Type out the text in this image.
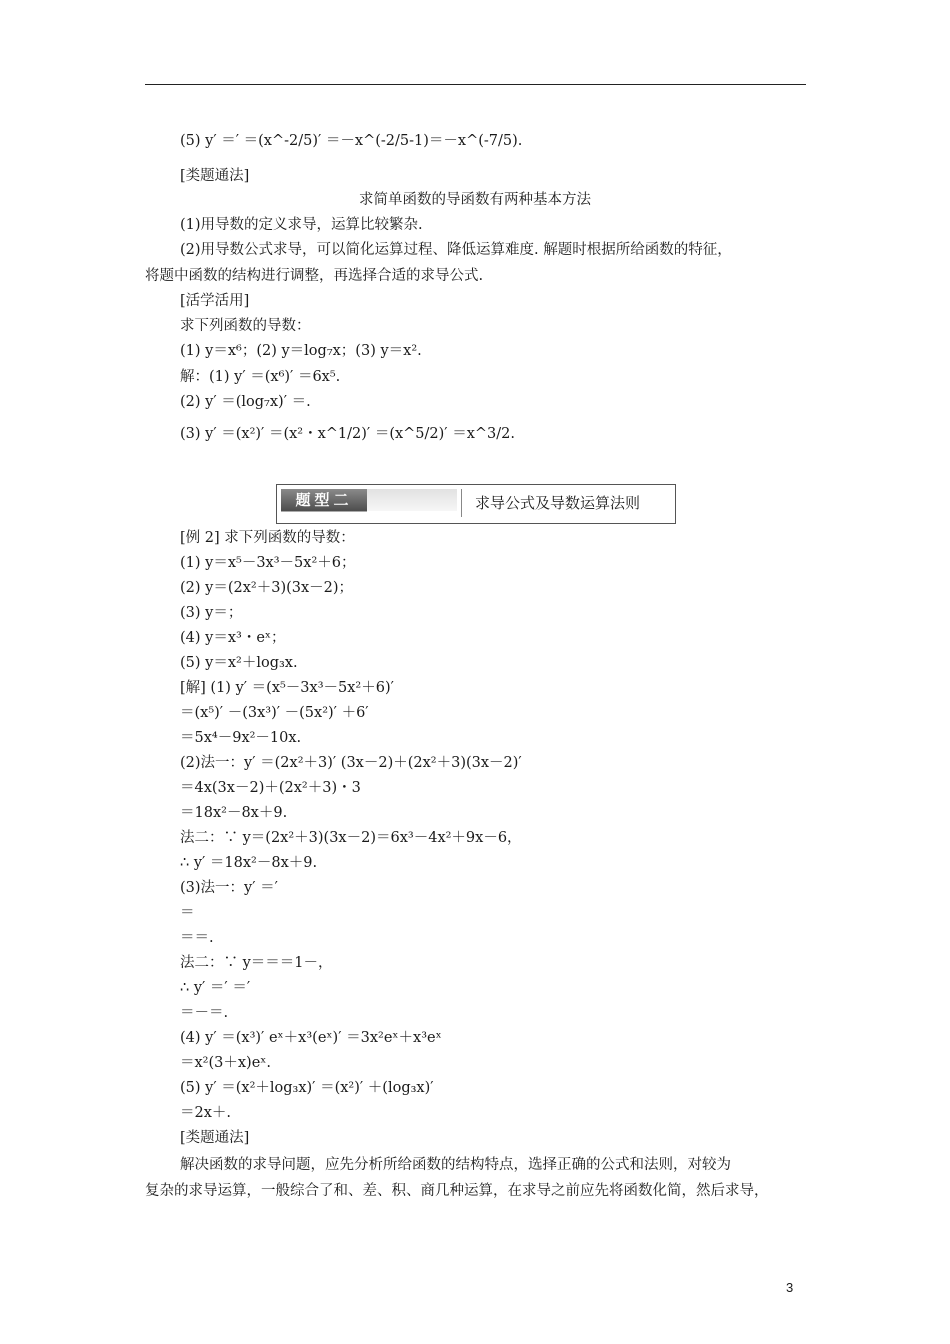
(5) y′ ＝′ ＝(x^-2/5)′ ＝－x^(-2/5-1)＝－x^(-7/5).
[类题通法]
求简单函数的导函数有两种基本方法
(1)用导数的定义求导，运算比较繁杂.
(2)用导数公式求导，可以简化运算过程、降低运算难度. 解题时根据所给函数的特征，
将题中函数的结构进行调整，再选择合适的求导公式.
[活学活用]
求下列函数的导数：
(1) y＝x⁶；(2) y＝log₇x；(3) y＝x².
解：(1) y′ ＝(x⁶)′ ＝6x⁵.
(2) y′ ＝(log₇x)′ ＝.
(3) y′ ＝(x²)′ ＝(x²・x^1/2)′ ＝(x^5/2)′ ＝x^3/2.
题型二	求导公式及导数运算法则
[例 2] 求下列函数的导数：
(1) y＝x⁵－3x³－5x²＋6；
(2) y＝(2x²＋3)(3x－2)；
(3) y＝；
(4) y＝x³・eˣ；
(5) y＝x²＋log₃x.
[解] (1) y′ ＝(x⁵－3x³－5x²＋6)′
＝(x⁵)′ －(3x³)′ －(5x²)′ ＋6′
＝5x⁴－9x²－10x.
(2)法一：y′ ＝(2x²＋3)′ (3x－2)＋(2x²＋3)(3x－2)′
＝4x(3x－2)＋(2x²＋3)・3
＝18x²－8x＋9.
法二：∵ y＝(2x²＋3)(3x－2)＝6x³－4x²＋9x－6，
∴ y′ ＝18x²－8x＋9.
(3)法一：y′ ＝′
＝
＝＝.
法二：∵ y＝＝＝1－，
∴ y′ ＝′ ＝′
＝－＝.
(4) y′ ＝(x³)′ eˣ＋x³(eˣ)′ ＝3x²eˣ＋x³eˣ
＝x²(3＋x)eˣ.
(5) y′ ＝(x²＋log₃x)′ ＝(x²)′ ＋(log₃x)′
＝2x＋.
[类题通法]
解决函数的求导问题，应先分析所给函数的结构特点，选择正确的公式和法则，对较为
复杂的求导运算，一般综合了和、差、积、商几种运算，在求导之前应先将函数化简，然后求导，
3
